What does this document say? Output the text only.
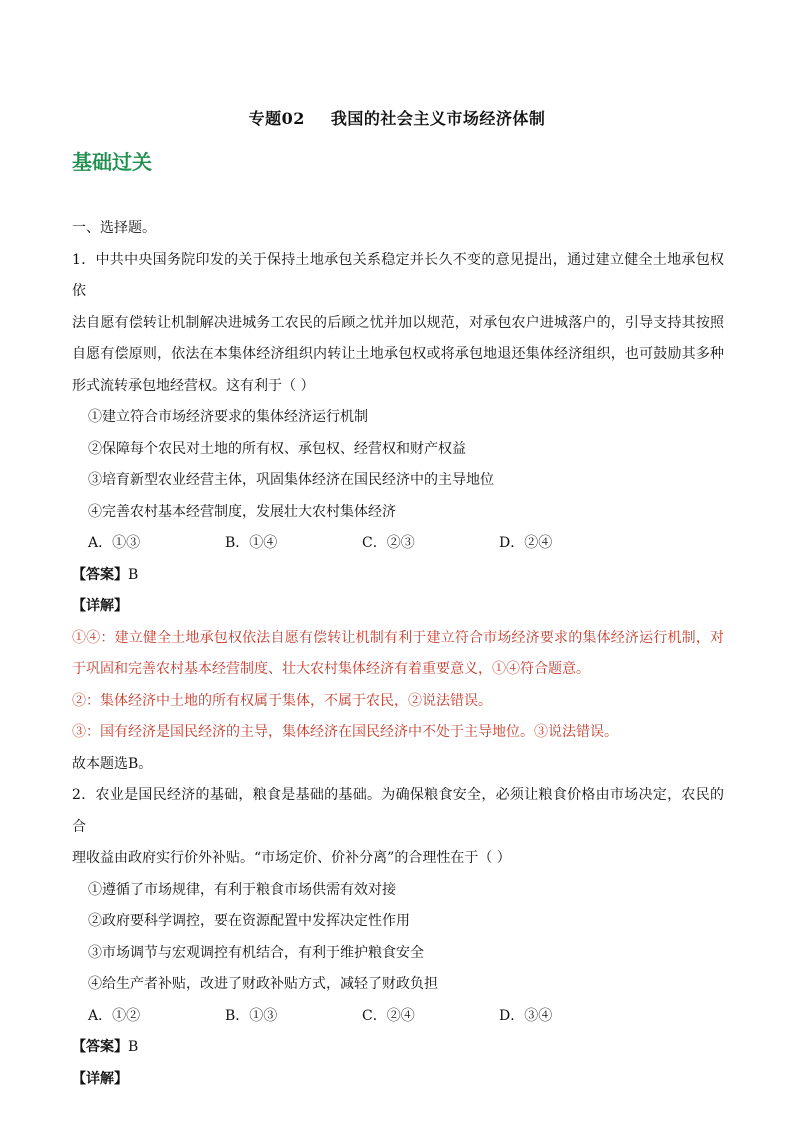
专题02 我国的社会主义市场经济体制
基础过关
一、选择题。
1．中共中央国务院印发的关于保持土地承包关系稳定并长久不变的意见提出，通过建立健全土地承包权依
法自愿有偿转让机制解决进城务工农民的后顾之忧并加以规范，对承包农户进城落户的，引导支持其按照
自愿有偿原则，依法在本集体经济组织内转让土地承包权或将承包地退还集体经济组织，也可鼓励其多种
形式流转承包地经营权。这有利于（ ）
①建立符合市场经济要求的集体经济运行机制
②保障每个农民对土地的所有权、承包权、经营权和财产权益
③培育新型农业经营主体，巩固集体经济在国民经济中的主导地位
④完善农村基本经营制度，发展壮大农村集体经济
A．①③	B．①④	C．②③	D．②④
【答案】B
【详解】
①④：建立健全土地承包权依法自愿有偿转让机制有利于建立符合市场经济要求的集体经济运行机制，对
于巩固和完善农村基本经营制度、壮大农村集体经济有着重要意义，①④符合题意。
②：集体经济中土地的所有权属于集体，不属于农民，②说法错误。
③：国有经济是国民经济的主导，集体经济在国民经济中不处于主导地位。③说法错误。
故本题选B。
2．农业是国民经济的基础，粮食是基础的基础。为确保粮食安全，必须让粮食价格由市场决定，农民的合
理收益由政府实行价外补贴。“市场定价、价补分离”的合理性在于（ ）
①遵循了市场规律，有利于粮食市场供需有效对接
②政府要科学调控，要在资源配置中发挥决定性作用
③市场调节与宏观调控有机结合，有利于维护粮食安全
④给生产者补贴，改进了财政补贴方式，减轻了财政负担
A．①②	B．①③	C．②④	D．③④
【答案】B
【详解】
